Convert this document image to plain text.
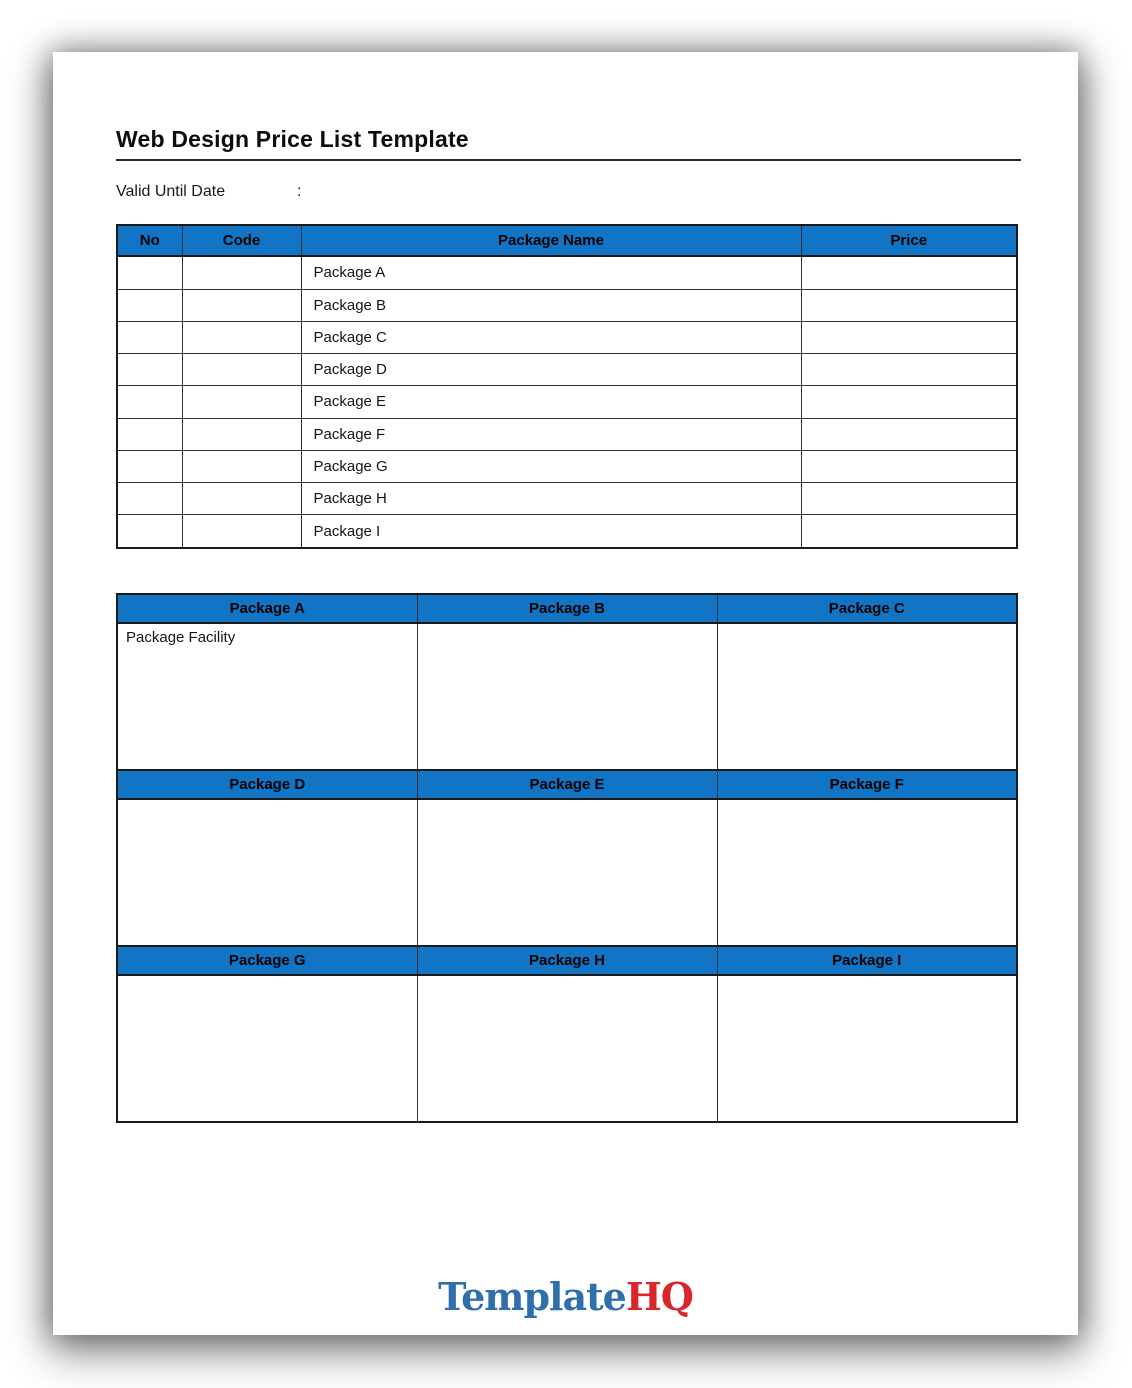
Web Design Price List Template
Valid Until Date	:
No	Code	Package Name	Price
		Package A	
		Package B	
		Package C	
		Package D	
		Package E	
		Package F	
		Package G	
		Package H	
		Package I	
Package A	Package B	Package C
Package Facility		
Package D	Package E	Package F

Package G	Package H	Package I

TemplateHQ
